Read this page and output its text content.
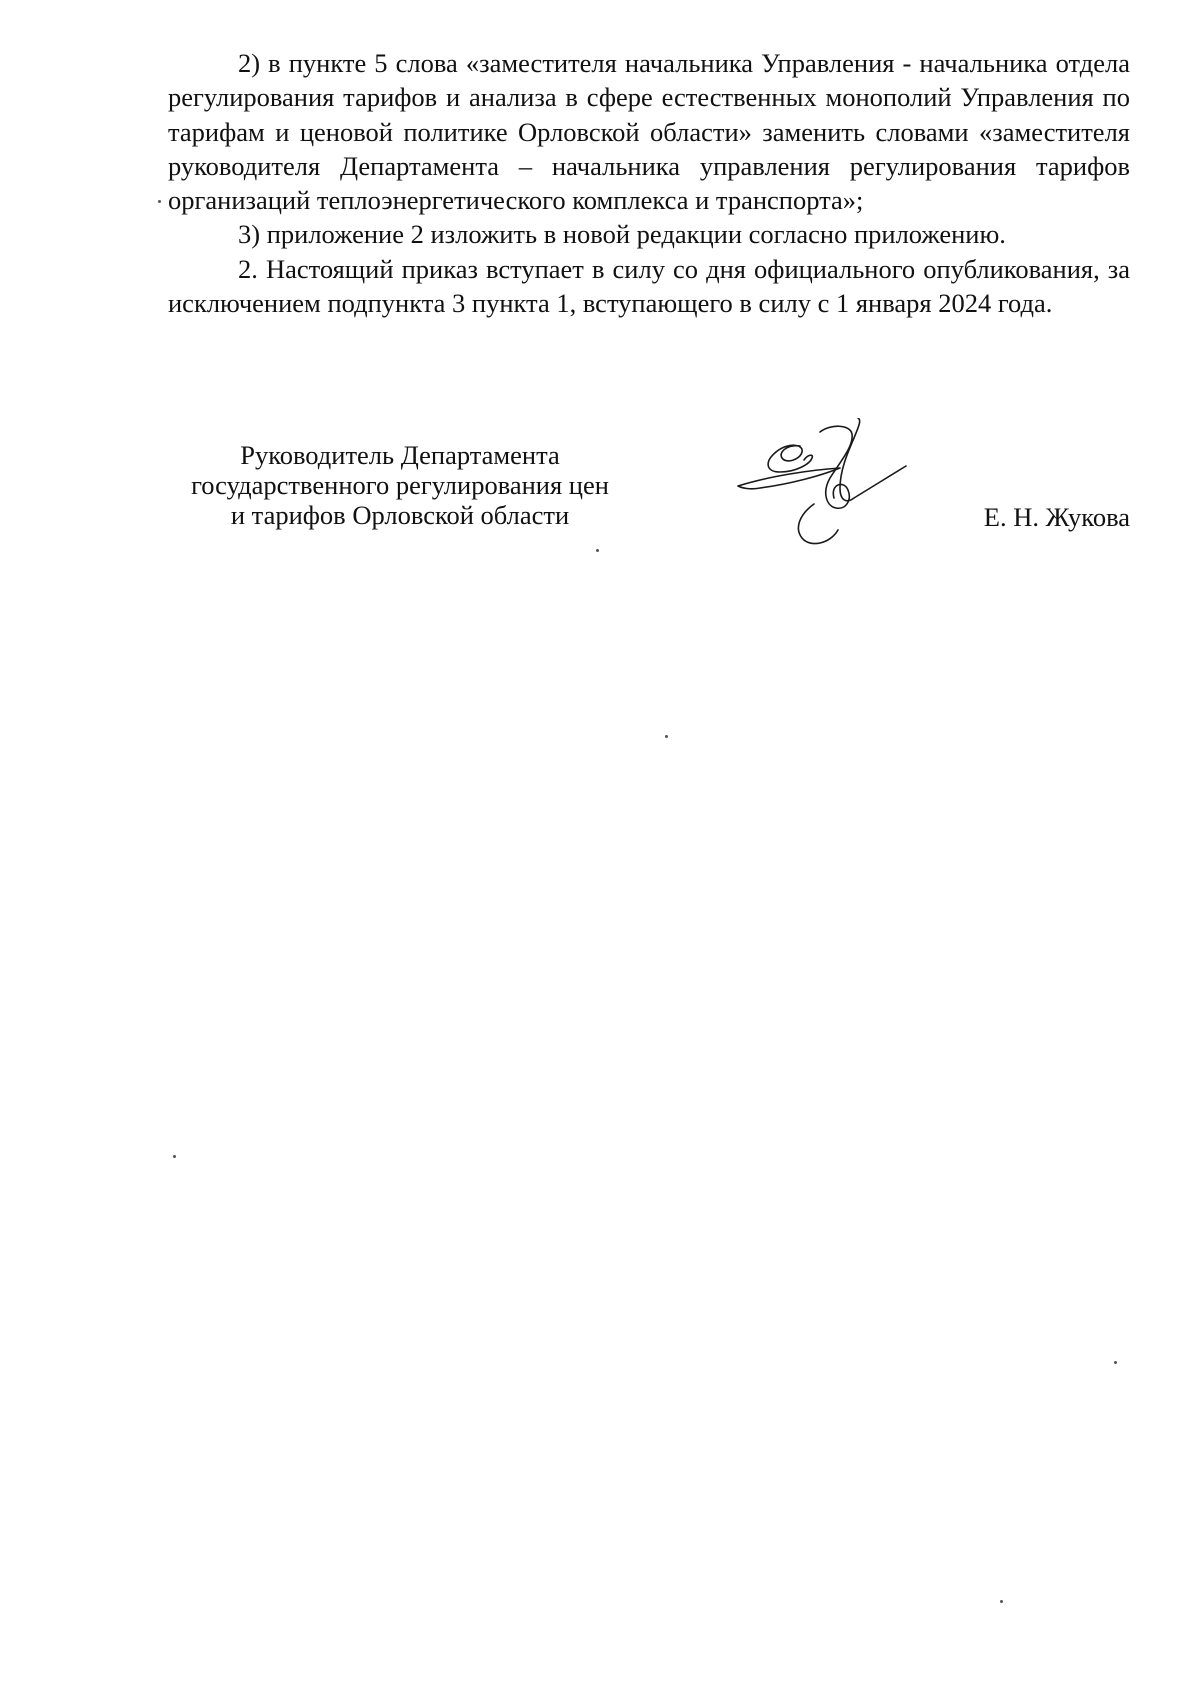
2) в пункте 5 слова «заместителя начальника Управления - начальника отдела регулирования тарифов и анализа в сфере естественных монополий Управления по тарифам и ценовой политике Орловской области» заменить словами «заместителя руководителя Департамента – начальника управления регулирования тарифов организаций теплоэнергетического комплекса и транспорта»;

3) приложение 2 изложить в новой редакции согласно приложению.

2. Настоящий приказ вступает в силу со дня официального опубликования, за исключением подпункта 3 пункта 1, вступающего в силу с 1 января 2024 года.

Руководитель Департамента
государственного регулирования цен
и тарифов Орловской области	Е. Н. Жукова
